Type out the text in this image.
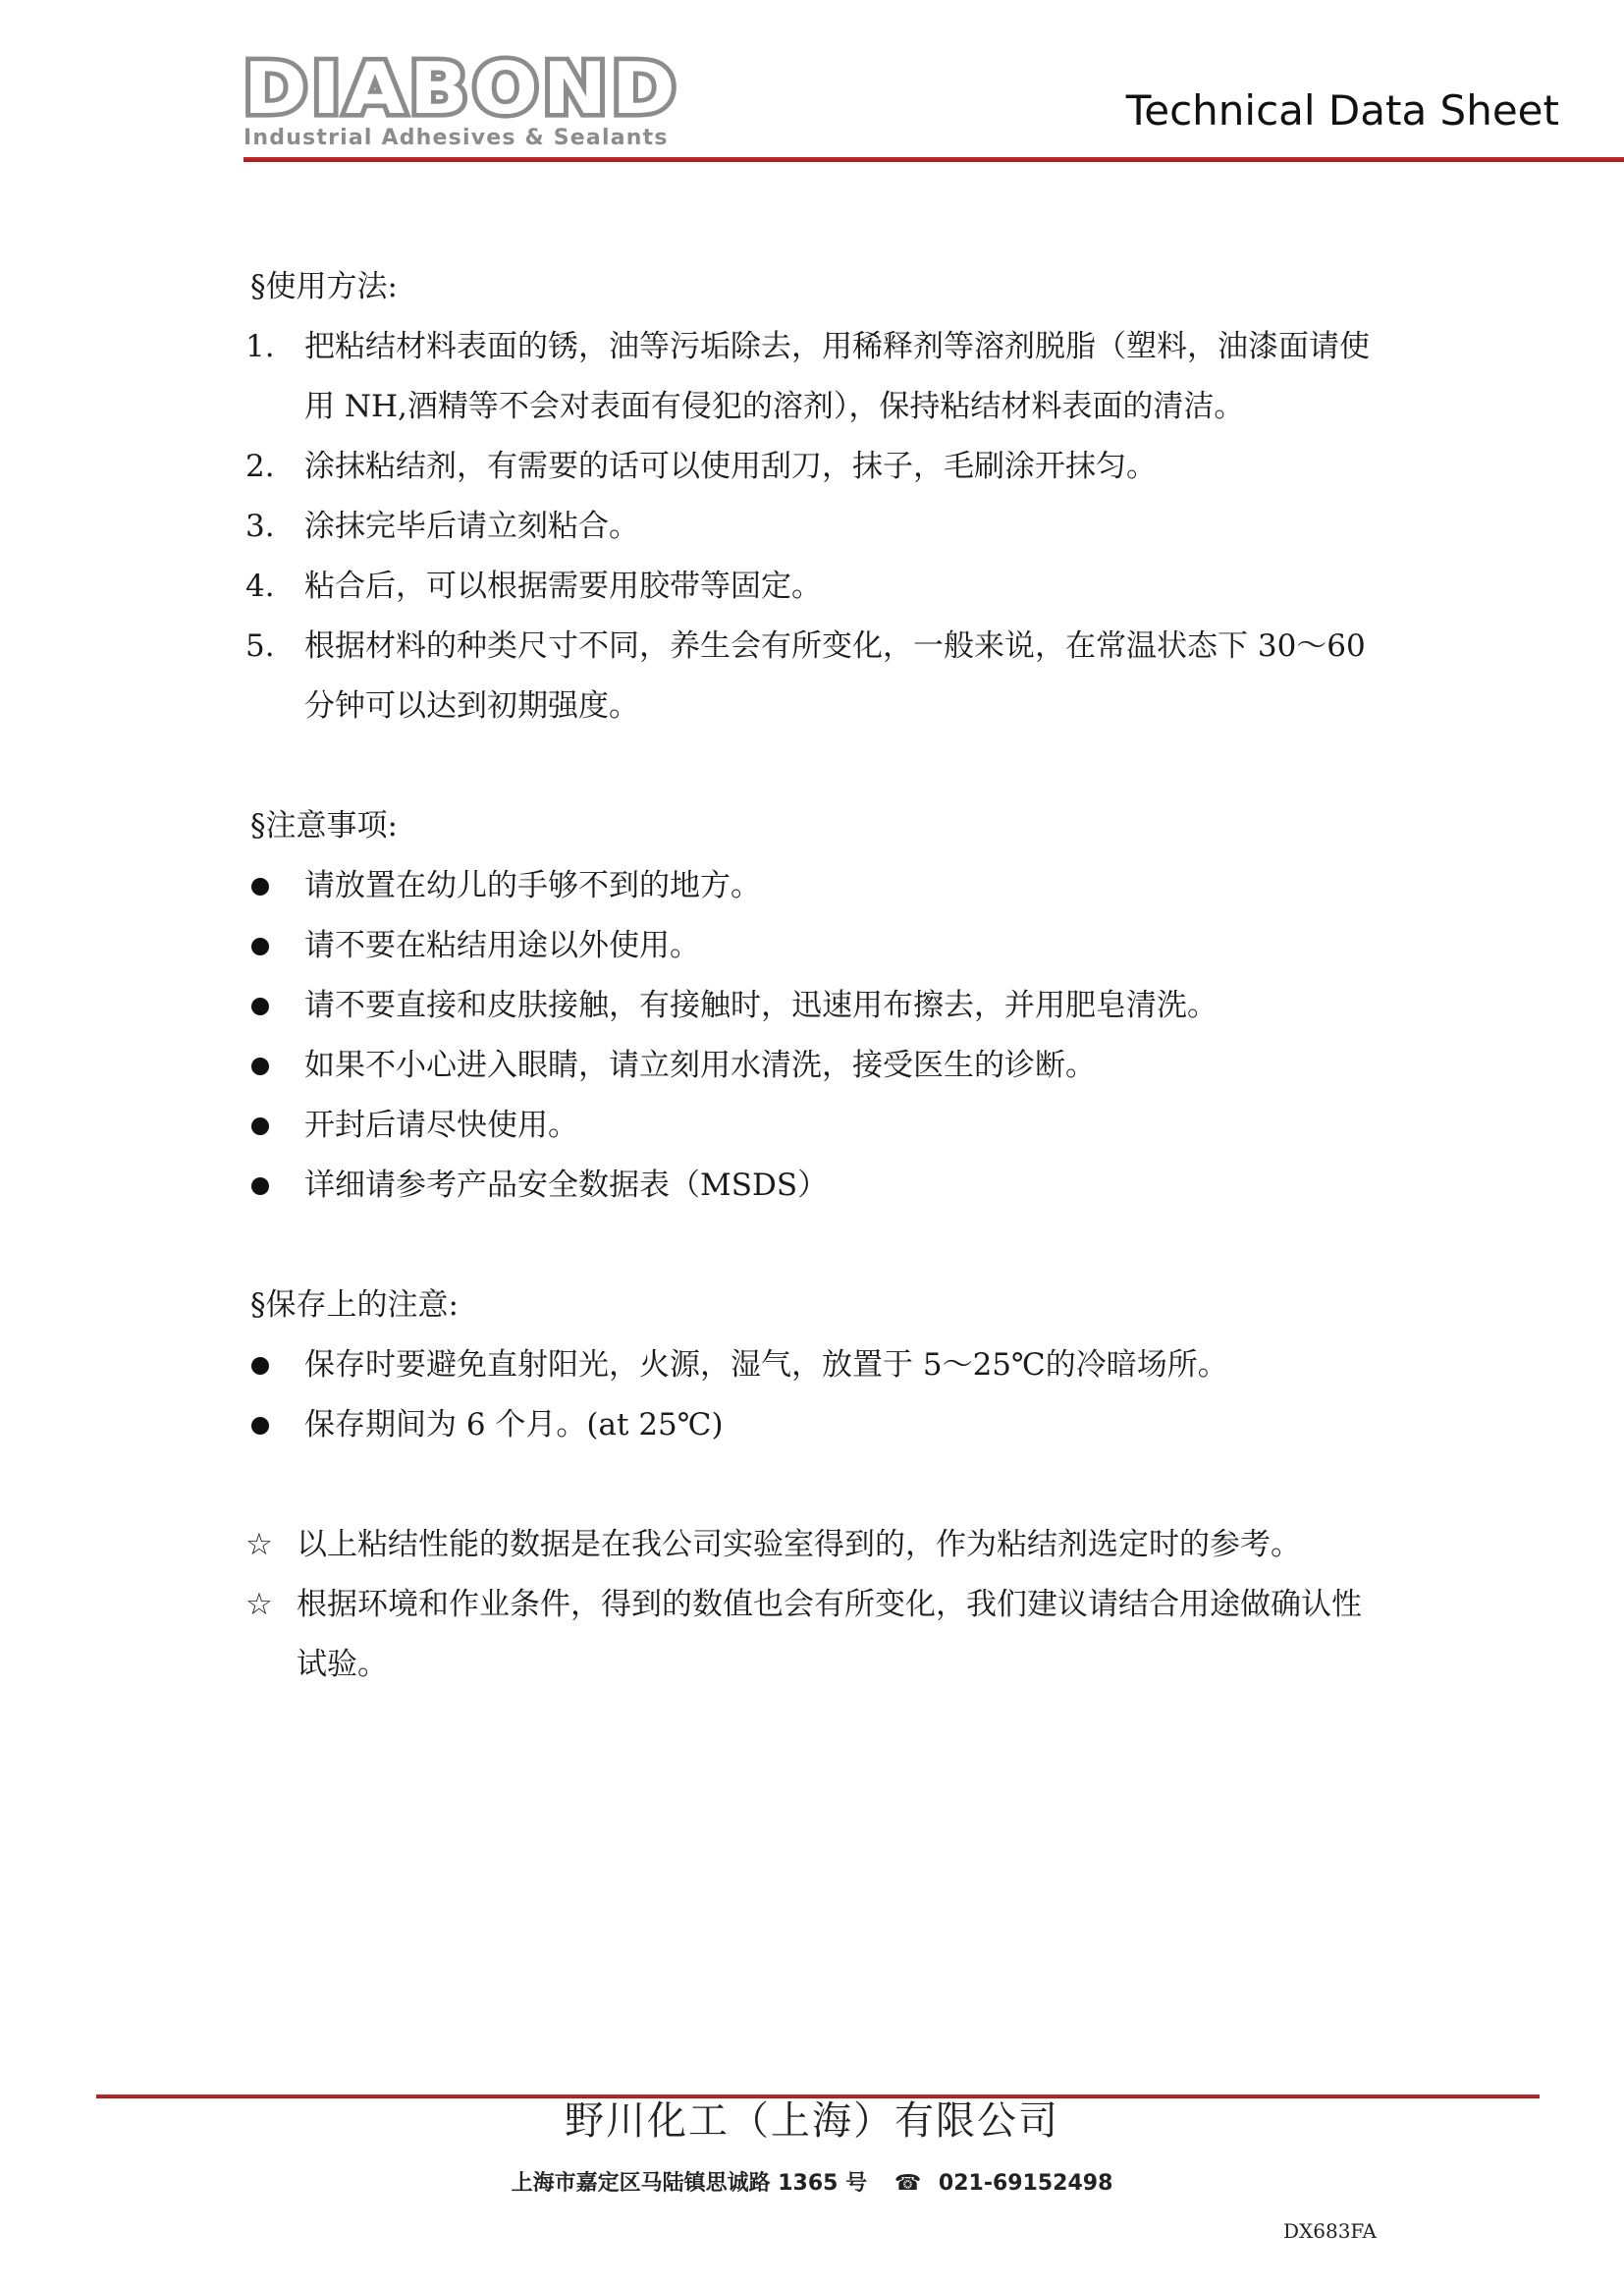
DIABOND
Industrial Adhesives & Sealants
Technical Data Sheet
§使用方法:
1. 把粘结材料表面的锈，油等污垢除去，用稀释剂等溶剂脱脂（塑料，油漆面请使用 NH,酒精等不会对表面有侵犯的溶剂），保持粘结材料表面的清洁。
2. 涂抹粘结剂，有需要的话可以使用刮刀，抹子，毛刷涂开抹匀。
3. 涂抹完毕后请立刻粘合。
4. 粘合后，可以根据需要用胶带等固定。
5. 根据材料的种类尺寸不同，养生会有所变化，一般来说，在常温状态下 30～60 分钟可以达到初期强度。
§注意事项:
请放置在幼儿的手够不到的地方。
请不要在粘结用途以外使用。
请不要直接和皮肤接触，有接触时，迅速用布擦去，并用肥皂清洗。
如果不小心进入眼睛，请立刻用水清洗，接受医生的诊断。
开封后请尽快使用。
详细请参考产品安全数据表（MSDS）
§保存上的注意:
保存时要避免直射阳光，火源，湿气，放置于 5～25℃的冷暗场所。
保存期间为 6 个月。(at 25℃)
☆ 以上粘结性能的数据是在我公司实验室得到的，作为粘结剂选定时的参考。
☆ 根据环境和作业条件，得到的数值也会有所变化，我们建议请结合用途做确认性试验。
野川化工（上海）有限公司
上海市嘉定区马陆镇思诚路 1365 号 ☎ 021-69152498
DX683FA
